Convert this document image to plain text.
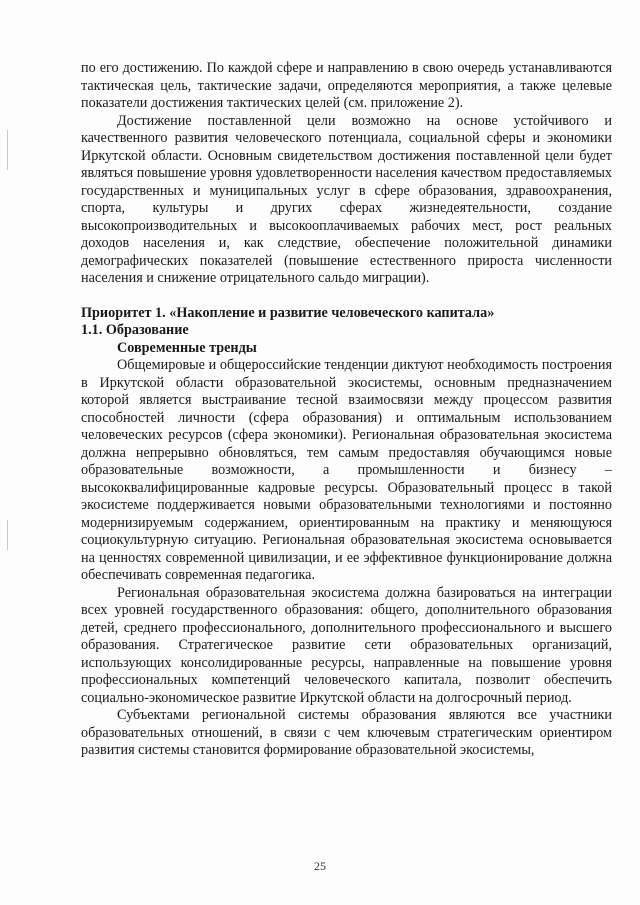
по его достижению. По каждой сфере и направлению в свою очередь устанавливаются тактическая цель, тактические задачи, определяются мероприятия, а также целевые показатели достижения тактических целей (см. приложение 2).

Достижение поставленной цели возможно на основе устойчивого и качественного развития человеческого потенциала, социальной сферы и экономики Иркутской области. Основным свидетельством достижения поставленной цели будет являться повышение уровня удовлетворенности населения качеством предоставляемых государственных и муниципальных услуг в сфере образования, здравоохранения, спорта, культуры и других сферах жизнедеятельности, создание высокопроизводительных и высокооплачиваемых рабочих мест, рост реальных доходов населения и, как следствие, обеспечение положительной динамики демографических показателей (повышение естественного прироста численности населения и снижение отрицательного сальдо миграции).

Приоритет 1. «Накопление и развитие человеческого капитала»

1.1. Образование

Современные тренды

Общемировые и общероссийские тенденции диктуют необходимость построения в Иркутской области образовательной экосистемы, основным предназначением которой является выстраивание тесной взаимосвязи между процессом развития способностей личности (сфера образования) и оптимальным использованием человеческих ресурсов (сфера экономики). Региональная образовательная экосистема должна непрерывно обновляться, тем самым предоставляя обучающимся новые образовательные возможности, а промышленности и бизнесу – высококвалифицированные кадровые ресурсы. Образовательный процесс в такой экосистеме поддерживается новыми образовательными технологиями и постоянно модернизируемым содержанием, ориентированным на практику и меняющуюся социокультурную ситуацию. Региональная образовательная экосистема основывается на ценностях современной цивилизации, и ее эффективное функционирование должна обеспечивать современная педагогика.

Региональная образовательная экосистема должна базироваться на интеграции всех уровней государственного образования: общего, дополнительного образования детей, среднего профессионального, дополнительного профессионального и высшего образования. Стратегическое развитие сети образовательных организаций, использующих консолидированные ресурсы, направленные на повышение уровня профессиональных компетенций человеческого капитала, позволит обеспечить социально-экономическое развитие Иркутской области на долгосрочный период.

Субъектами региональной системы образования являются все участники образовательных отношений, в связи с чем ключевым стратегическим ориентиром развития системы становится формирование образовательной экосистемы,

25
